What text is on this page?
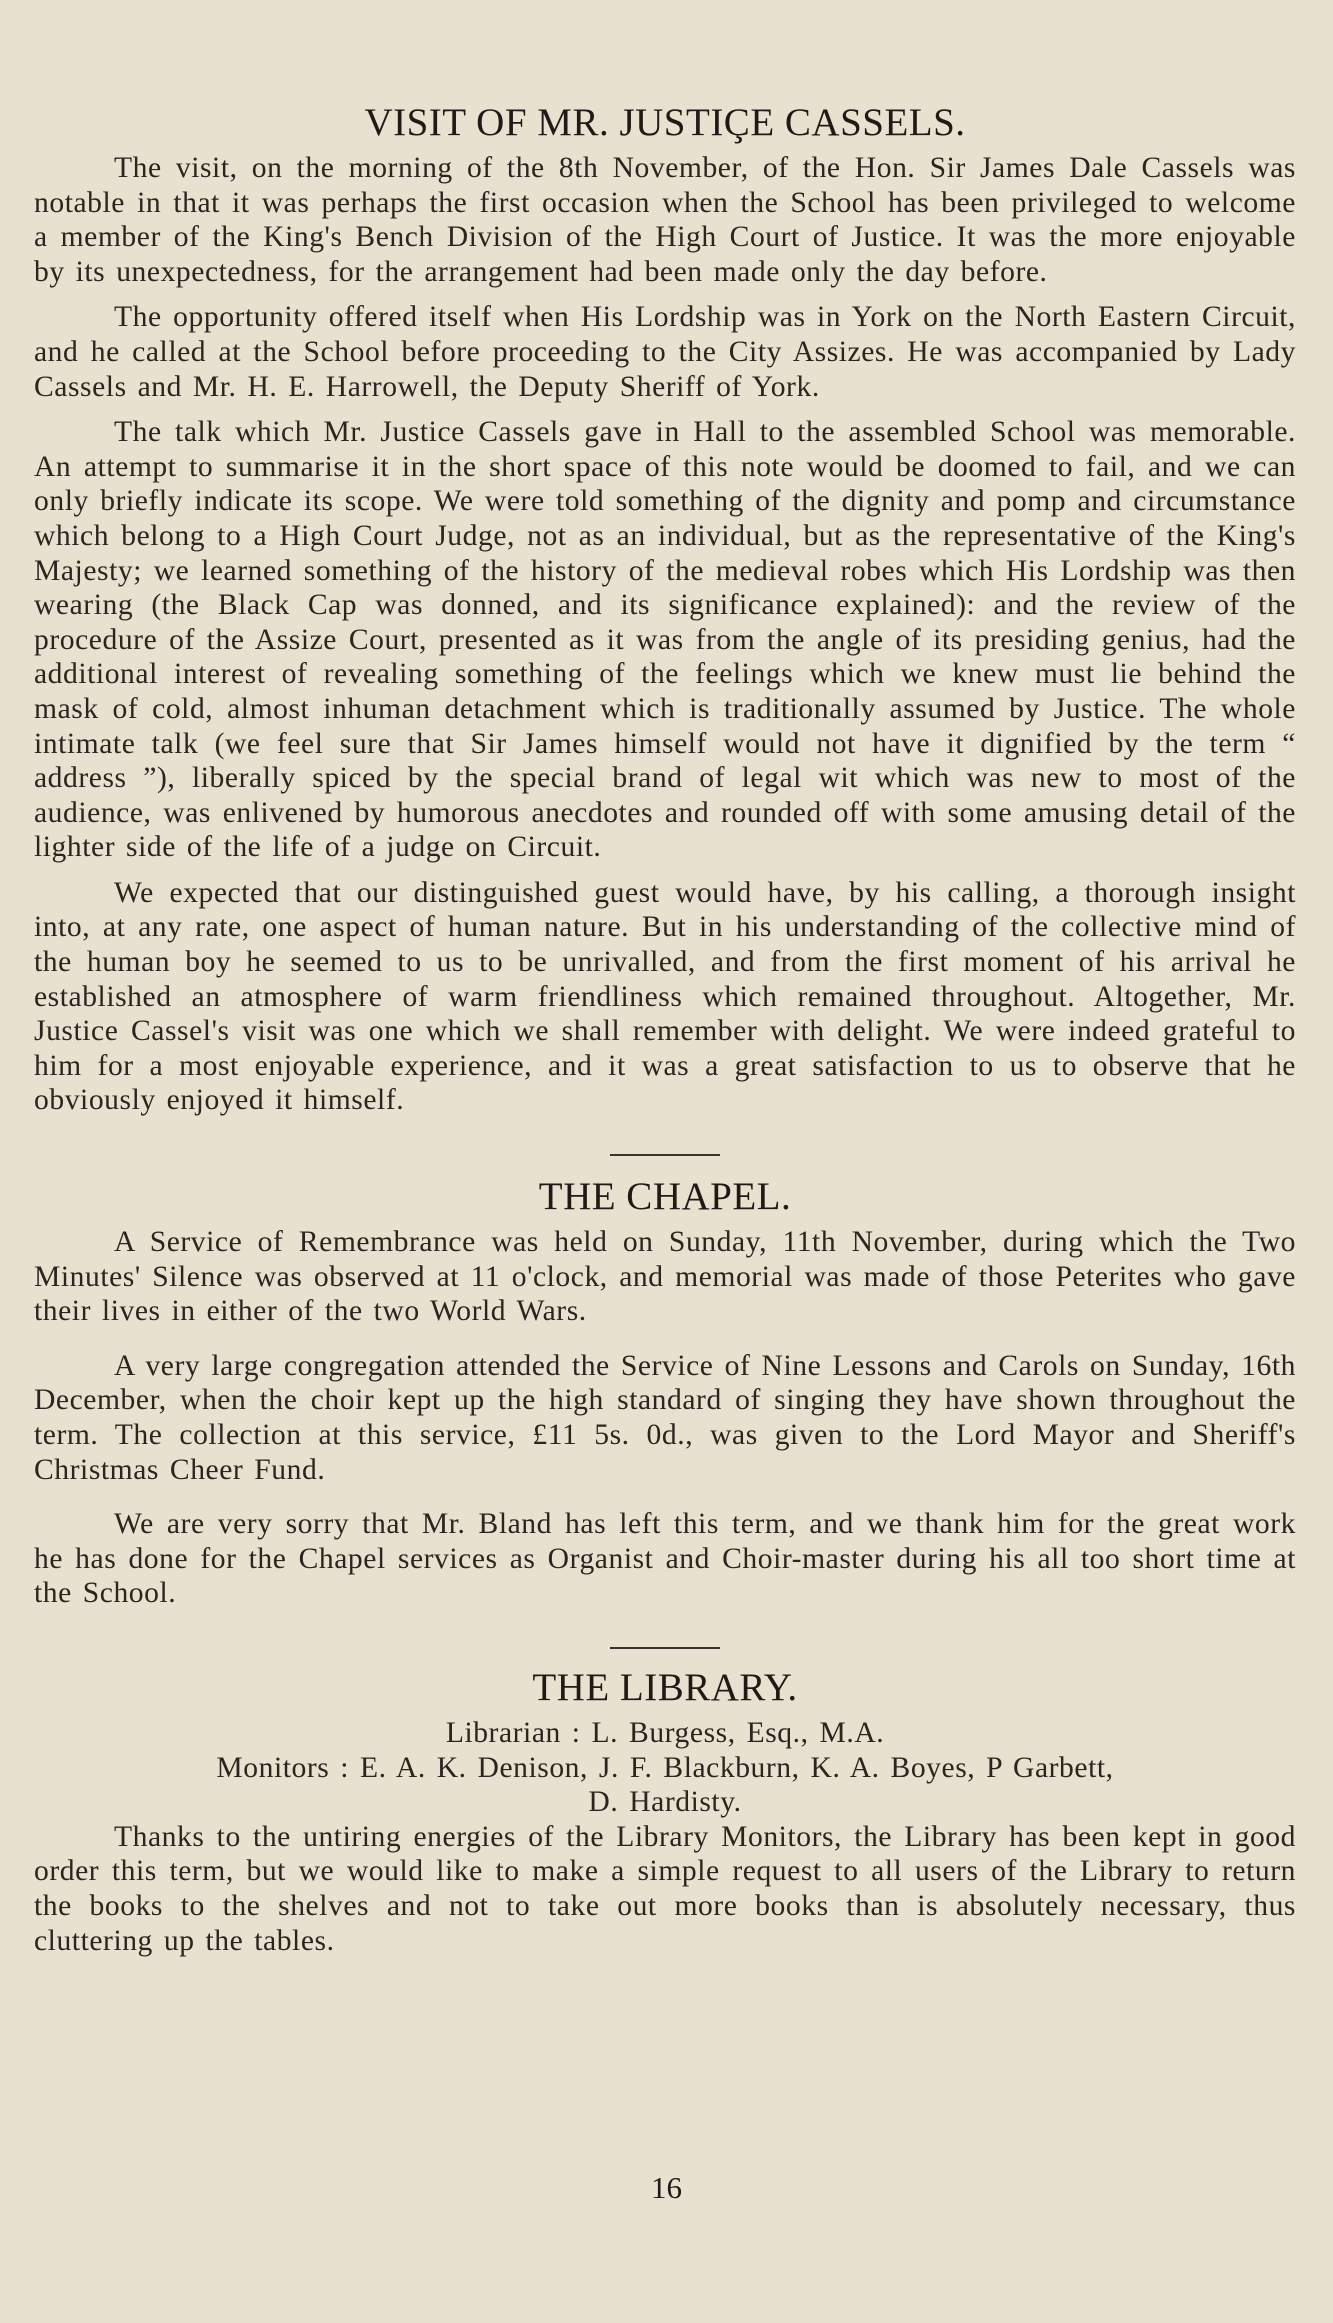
VISIT OF MR. JUSTIÇE CASSELS.

The visit, on the morning of the 8th November, of the Hon. Sir James Dale Cassels was notable in that it was perhaps the first occasion when the School has been privileged to welcome a member of the King's Bench Division of the High Court of Justice. It was the more enjoyable by its unexpectedness, for the arrangement had been made only the day before.

The opportunity offered itself when His Lordship was in York on the North Eastern Circuit, and he called at the School before proceeding to the City Assizes. He was accompanied by Lady Cassels and Mr. H. E. Harrowell, the Deputy Sheriff of York.

The talk which Mr. Justice Cassels gave in Hall to the assembled School was memorable. An attempt to summarise it in the short space of this note would be doomed to fail, and we can only briefly indicate its scope. We were told something of the dignity and pomp and circumstance which belong to a High Court Judge, not as an individual, but as the representative of the King's Majesty; we learned something of the history of the medieval robes which His Lordship was then wearing (the Black Cap was donned, and its significance explained): and the review of the procedure of the Assize Court, presented as it was from the angle of its presiding genius, had the additional interest of revealing something of the feelings which we knew must lie behind the mask of cold, almost inhuman detachment which is traditionally assumed by Justice. The whole intimate talk (we feel sure that Sir James himself would not have it dignified by the term “ address ”), liberally spiced by the special brand of legal wit which was new to most of the audience, was enlivened by humorous anecdotes and rounded off with some amusing detail of the lighter side of the life of a judge on Circuit.

We expected that our distinguished guest would have, by his calling, a thorough insight into, at any rate, one aspect of human nature. But in his understanding of the collective mind of the human boy he seemed to us to be unrivalled, and from the first moment of his arrival he established an atmosphere of warm friendliness which remained throughout. Altogether, Mr. Justice Cassel's visit was one which we shall remember with delight. We were indeed grateful to him for a most enjoyable experience, and it was a great satisfaction to us to observe that he obviously enjoyed it himself.

THE CHAPEL.

A Service of Remembrance was held on Sunday, 11th November, during which the Two Minutes' Silence was observed at 11 o'clock, and memorial was made of those Peterites who gave their lives in either of the two World Wars.

A very large congregation attended the Service of Nine Lessons and Carols on Sunday, 16th December, when the choir kept up the high standard of singing they have shown throughout the term. The collection at this service, £11 5s. 0d., was given to the Lord Mayor and Sheriff's Christmas Cheer Fund.

We are very sorry that Mr. Bland has left this term, and we thank him for the great work he has done for the Chapel services as Organist and Choir-master during his all too short time at the School.

THE LIBRARY.

Librarian : L. Burgess, Esq., M.A.

Monitors : E. A. K. Denison, J. F. Blackburn, K. A. Boyes, P Garbett,

D. Hardisty.

Thanks to the untiring energies of the Library Monitors, the Library has been kept in good order this term, but we would like to make a simple request to all users of the Library to return the books to the shelves and not to take out more books than is absolutely necessary, thus cluttering up the tables.

16
